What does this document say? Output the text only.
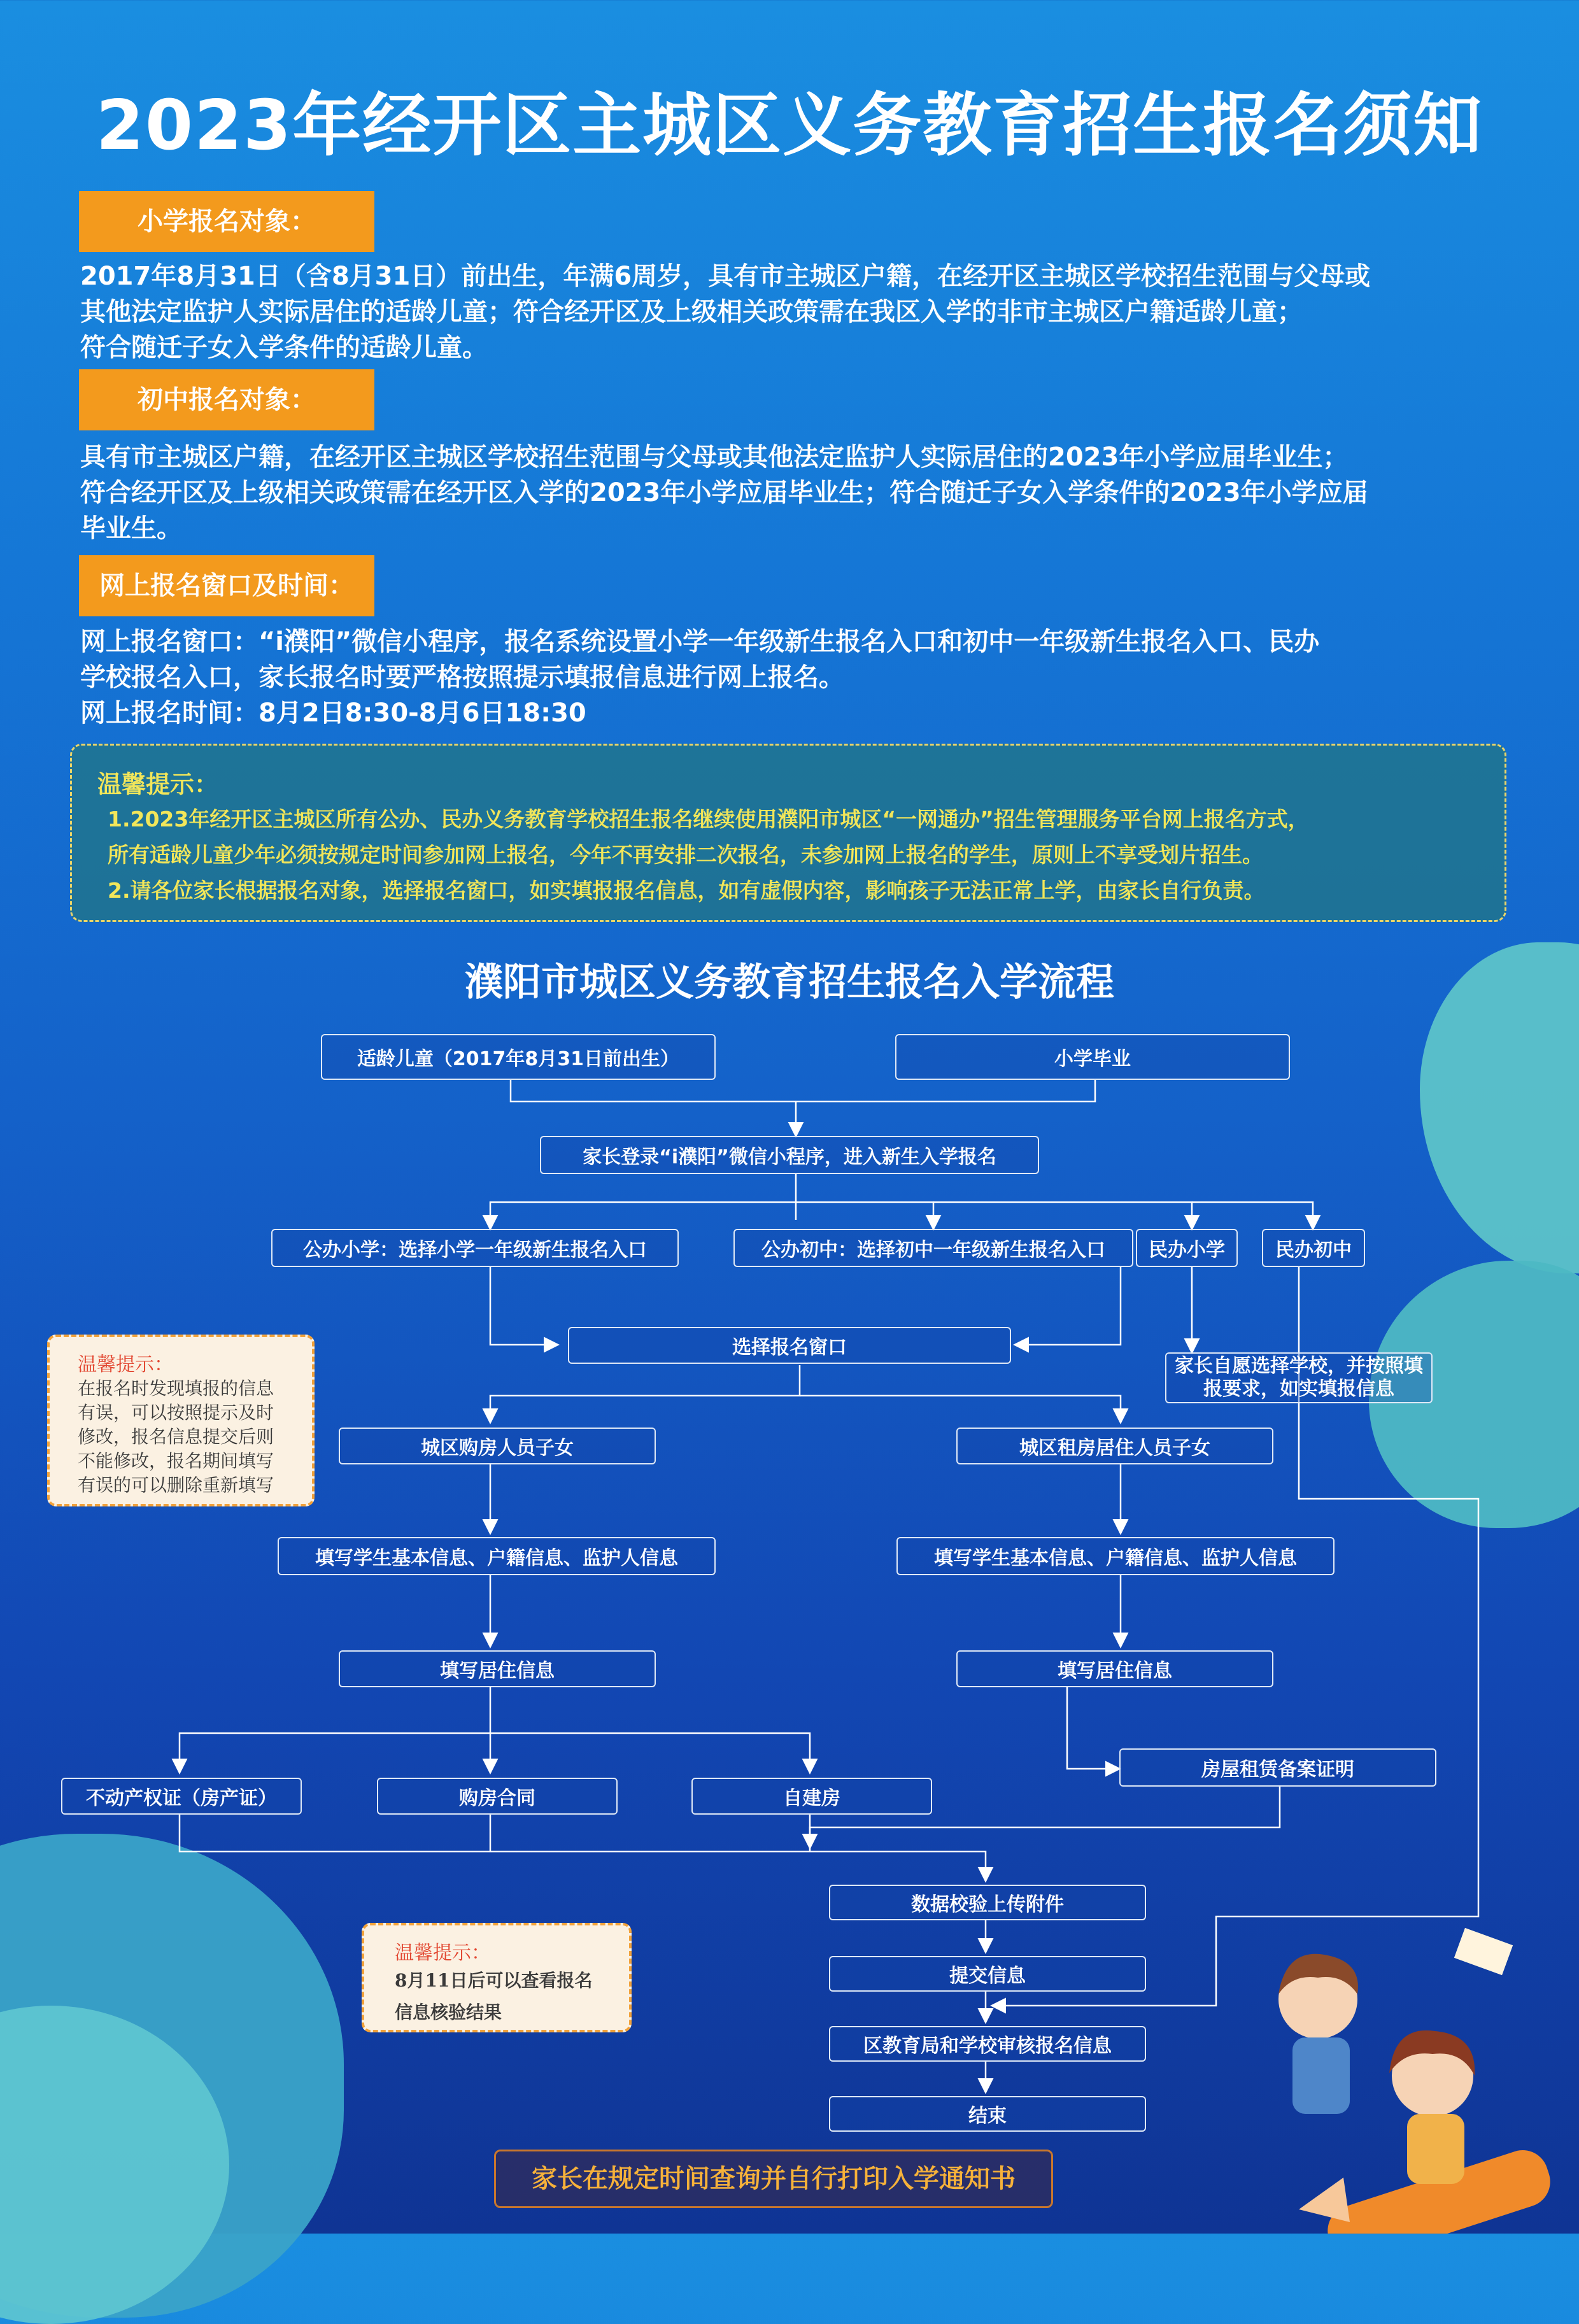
2023年经开区主城区义务教育招生报名须知
小学报名对象：
2017年8月31日（含8月31日）前出生，年满6周岁，具有市主城区户籍，在经开区主城区学校招生范围与父母或
其他法定监护人实际居住的适龄儿童；符合经开区及上级相关政策需在我区入学的非市主城区户籍适龄儿童；
符合随迁子女入学条件的适龄儿童。
初中报名对象：
具有市主城区户籍，在经开区主城区学校招生范围与父母或其他法定监护人实际居住的2023年小学应届毕业生；
符合经开区及上级相关政策需在经开区入学的2023年小学应届毕业生；符合随迁子女入学条件的2023年小学应届
毕业生。
网上报名窗口及时间：
网上报名窗口：“i濮阳”微信小程序，报名系统设置小学一年级新生报名入口和初中一年级新生报名入口、民办
学校报名入口，家长报名时要严格按照提示填报信息进行网上报名。
网上报名时间：8月2日8:30-8月6日18:30
温馨提示：
1.2023年经开区主城区所有公办、民办义务教育学校招生报名继续使用濮阳市城区“一网通办”招生管理服务平台网上报名方式，
所有适龄儿童少年必须按规定时间参加网上报名，今年不再安排二次报名，未参加网上报名的学生，原则上不享受划片招生。
2.请各位家长根据报名对象，选择报名窗口，如实填报报名信息，如有虚假内容，影响孩子无法正常上学，由家长自行负责。
濮阳市城区义务教育招生报名入学流程
适龄儿童（2017年8月31日前出生）	小学毕业
家长登录“i濮阳”微信小程序，进入新生入学报名
公办小学：选择小学一年级新生报名入口	公办初中：选择初中一年级新生报名入口	民办小学	民办初中
选择报名窗口
家长自愿选择学校，并按照填报要求，如实填报信息
城区购房人员子女	城区租房居住人员子女
填写学生基本信息、户籍信息、监护人信息	填写学生基本信息、户籍信息、监护人信息
填写居住信息	填写居住信息
不动产权证（房产证）	购房合同	自建房
房屋租赁备案证明
数据校验上传附件
提交信息
区教育局和学校审核报名信息
结束
温馨提示：
在报名时发现填报的信息
有误，可以按照提示及时
修改，报名信息提交后则
不能修改，报名期间填写
有误的可以删除重新填写
温馨提示：
8月11日后可以查看报名
信息核验结果
家长在规定时间查询并自行打印入学通知书
